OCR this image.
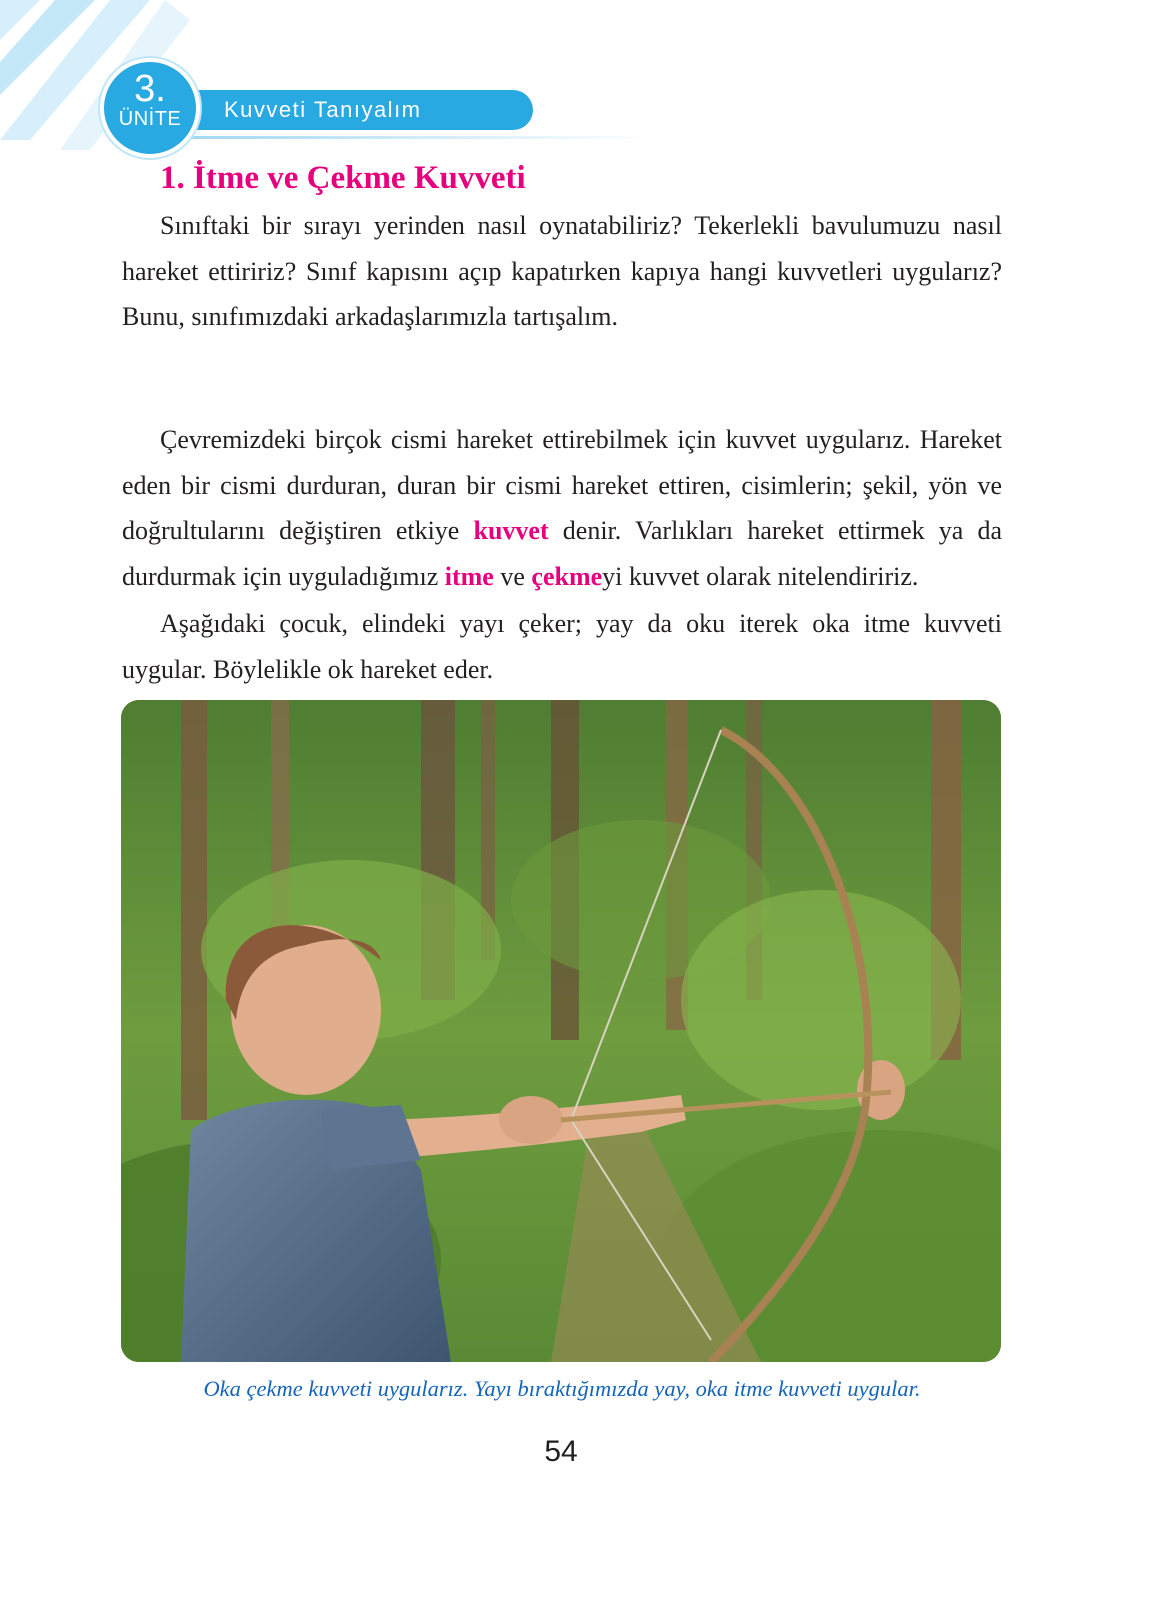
Kuvveti Tanıyalım
3.
ÜNİTE
1. İtme ve Çekme Kuvveti

Sınıftaki bir sırayı yerinden nasıl oynatabiliriz? Tekerlekli bavulumuzu nasıl hareket ettiririz? Sınıf kapısını açıp kapatırken kapıya hangi kuvvetleri uygularız? Bunu, sınıfımızdaki arkadaşlarımızla tartışalım.

Çevremizdeki birçok cismi hareket ettirebilmek için kuvvet uygularız. Hareket eden bir cismi durduran, duran bir cismi hareket ettiren, cisimlerin; şekil, yön ve doğrultularını değiştiren etkiye kuvvet denir. Varlıkları hareket ettirmek ya da durdurmak için uyguladığımız itme ve çekmeyi kuvvet olarak nitelendiririz.

Aşağıdaki çocuk, elindeki yayı çeker; yay da oku iterek oka itme kuvveti uygular. Böylelikle ok hareket eder.

Oka çekme kuvveti uygularız. Yayı bıraktığımızda yay, oka itme kuvveti uygular.

54
